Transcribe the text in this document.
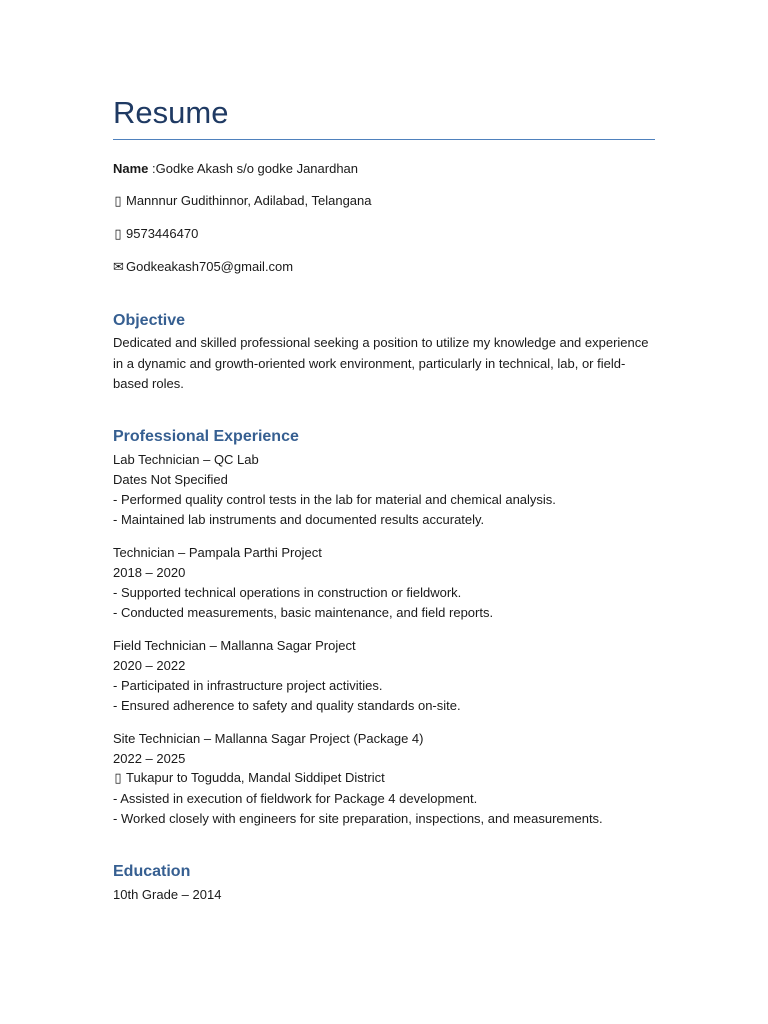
Resume
Name :Godke Akash s/o godke Janardhan
▯ Mannnur Gudithinnor, Adilabad, Telangana
▯ 9573446470
✉ Godkeakash705@gmail.com
Objective
Dedicated and skilled professional seeking a position to utilize my knowledge and experience in a dynamic and growth-oriented work environment, particularly in technical, lab, or field-based roles.
Professional Experience
Lab Technician – QC Lab
Dates Not Specified
- Performed quality control tests in the lab for material and chemical analysis.
- Maintained lab instruments and documented results accurately.
Technician – Pampala Parthi Project
2018 – 2020
- Supported technical operations in construction or fieldwork.
- Conducted measurements, basic maintenance, and field reports.
Field Technician – Mallanna Sagar Project
2020 – 2022
- Participated in infrastructure project activities.
- Ensured adherence to safety and quality standards on-site.
Site Technician – Mallanna Sagar Project (Package 4)
2022 – 2025
▯ Tukapur to Togudda, Mandal Siddipet District
- Assisted in execution of fieldwork for Package 4 development.
- Worked closely with engineers for site preparation, inspections, and measurements.
Education
10th Grade – 2014
